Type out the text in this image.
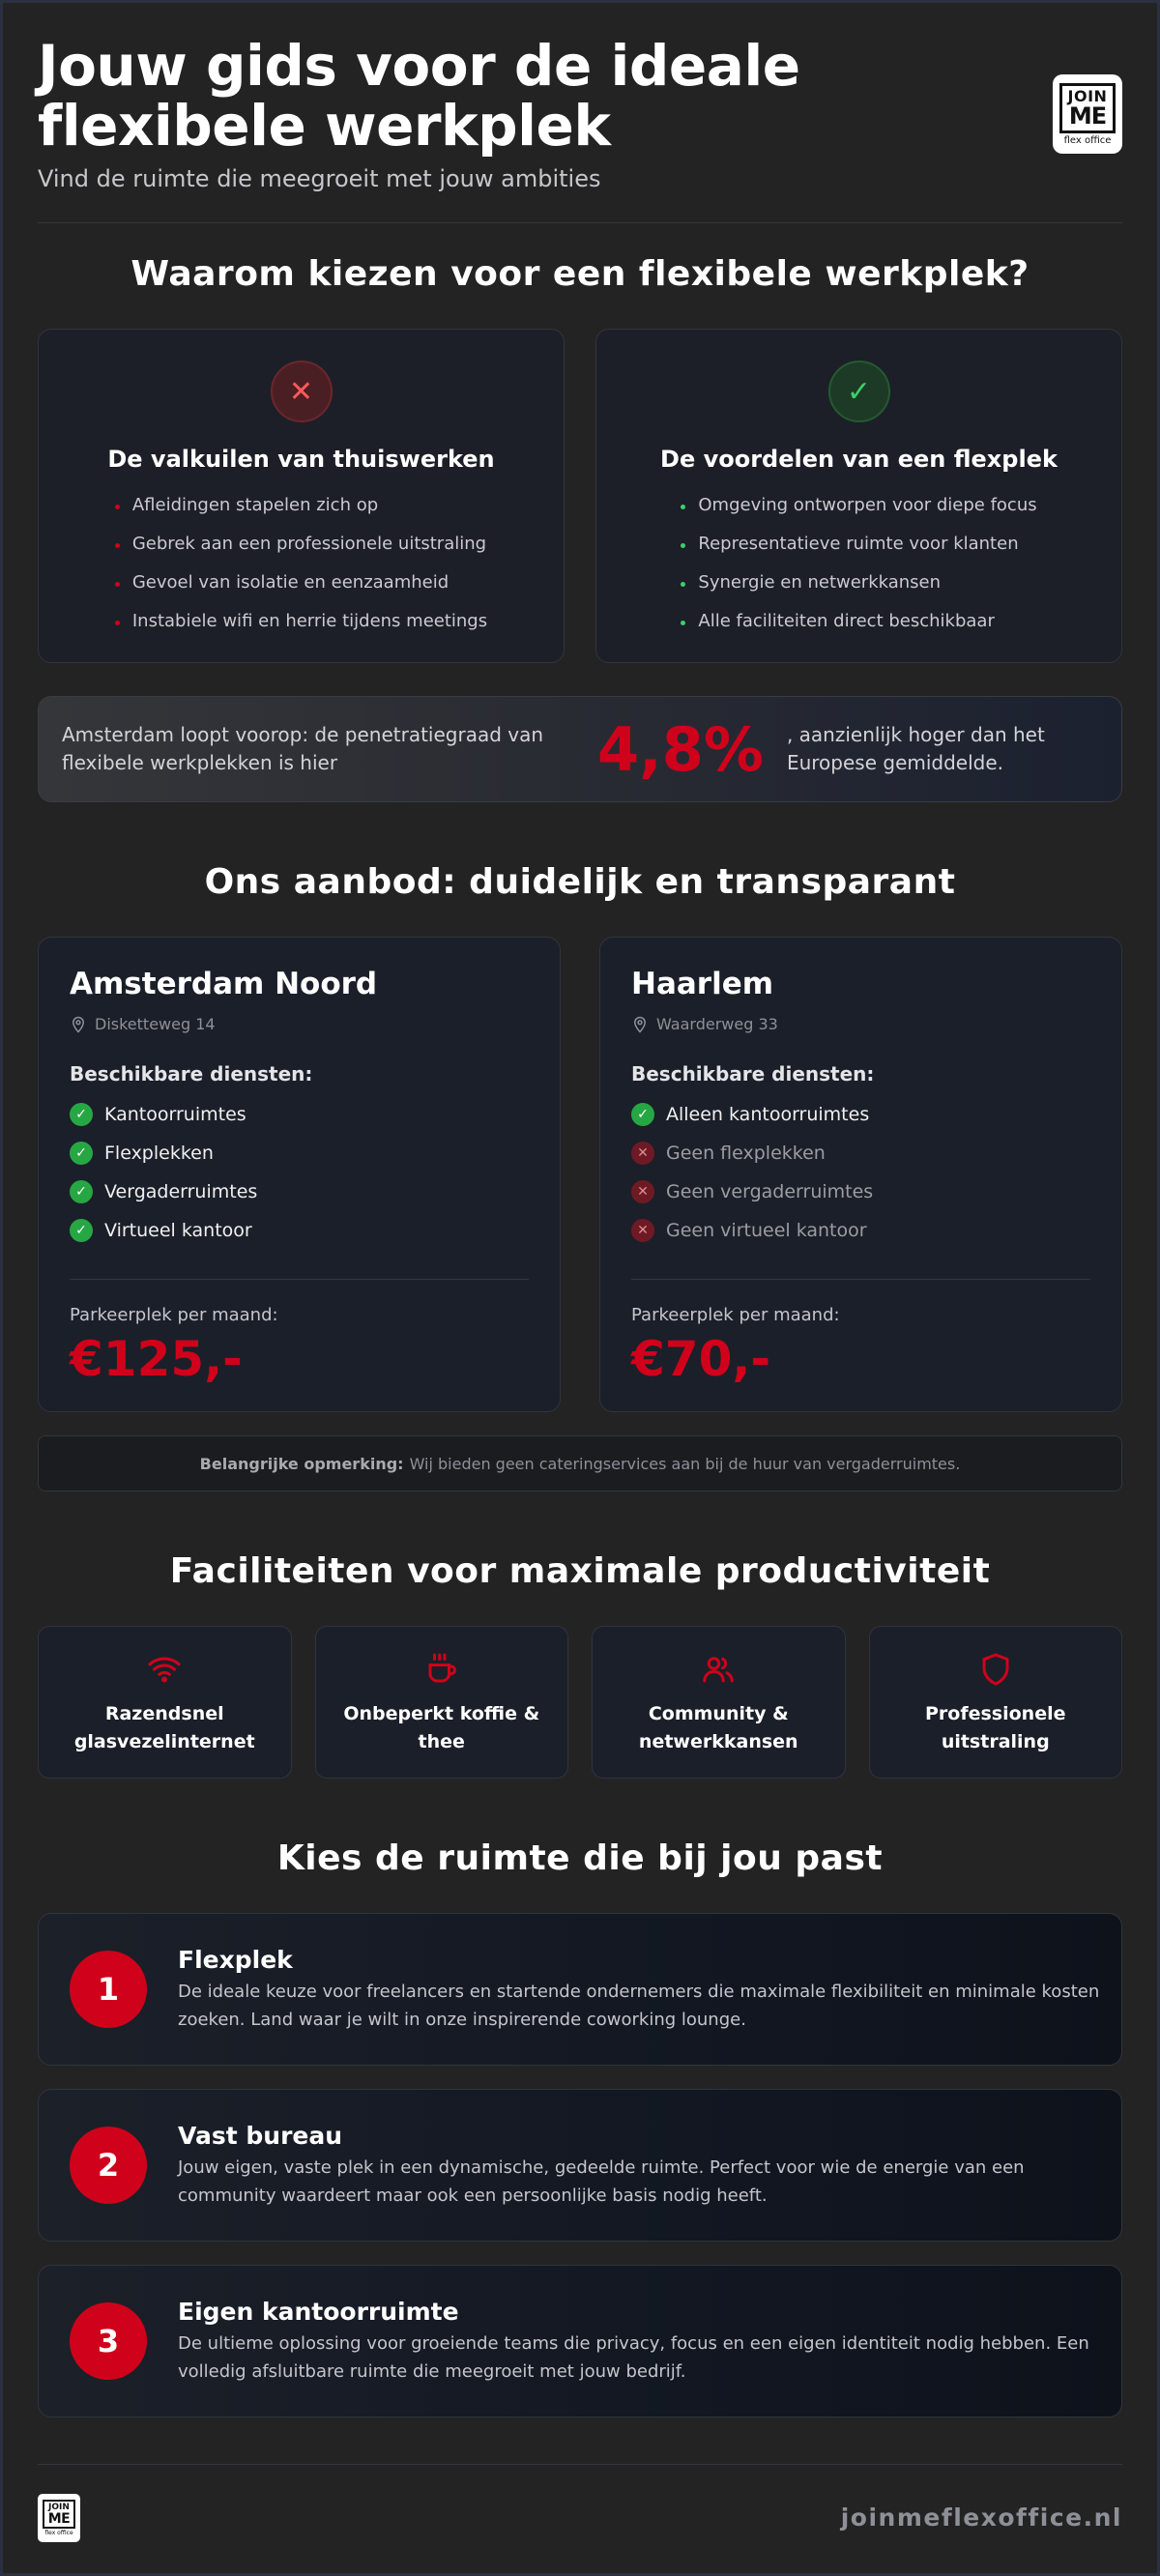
Jouw gids voor de ideale flexibele werkplek

Vind de ruimte die meegroeit met jouw ambities

JOIN
ME
flex office
Waarom kiezen voor een flexibele werkplek?
✕
De valkuilen van thuiswerken
Afleidingen stapelen zich op
Gebrek aan een professionele uitstraling
Gevoel van isolatie en eenzaamheid
Instabiele wifi en herrie tijdens meetings
✓
De voordelen van een flexplek
Omgeving ontworpen voor diepe focus
Representatieve ruimte voor klanten
Synergie en netwerkkansen
Alle faciliteiten direct beschikbaar
Amsterdam loopt voorop: de penetratiegraad van flexibele werkplekken is hier	4,8% , aanzienlijk hoger dan het Europese gemiddelde.
Ons aanbod: duidelijk en transparant
Amsterdam Noord
Disketteweg 14
Beschikbare diensten:
✓ Kantoorruimtes
✓ Flexplekken
✓ Vergaderruimtes
✓ Virtueel kantoor
Parkeerplek per maand:
€125,-
Haarlem
Waarderweg 33
Beschikbare diensten:
✓ Alleen kantoorruimtes
✕ Geen flexplekken
✕ Geen vergaderruimtes
✕ Geen virtueel kantoor
Parkeerplek per maand:
€70,-
Belangrijke opmerking: Wij bieden geen cateringservices aan bij de huur van vergaderruimtes.
Faciliteiten voor maximale productiviteit
Razendsnel glasvezelinternet
Onbeperkt koffie & thee
Community & netwerkkansen
Professionele uitstraling
Kies de ruimte die bij jou past
1
Flexplek

De ideale keuze voor freelancers en startende ondernemers die maximale flexibiliteit en minimale kosten zoeken. Land waar je wilt in onze inspirerende coworking lounge.

2
Vast bureau

Jouw eigen, vaste plek in een dynamische, gedeelde ruimte. Perfect voor wie de energie van een community waardeert maar ook een persoonlijke basis nodig heeft.

3
Eigen kantoorruimte

De ultieme oplossing voor groeiende teams die privacy, focus en een eigen identiteit nodig hebben. Een volledig afsluitbare ruimte die meegroeit met jouw bedrijf.

JOIN
ME
flex office
joinmeflexoffice.nl
